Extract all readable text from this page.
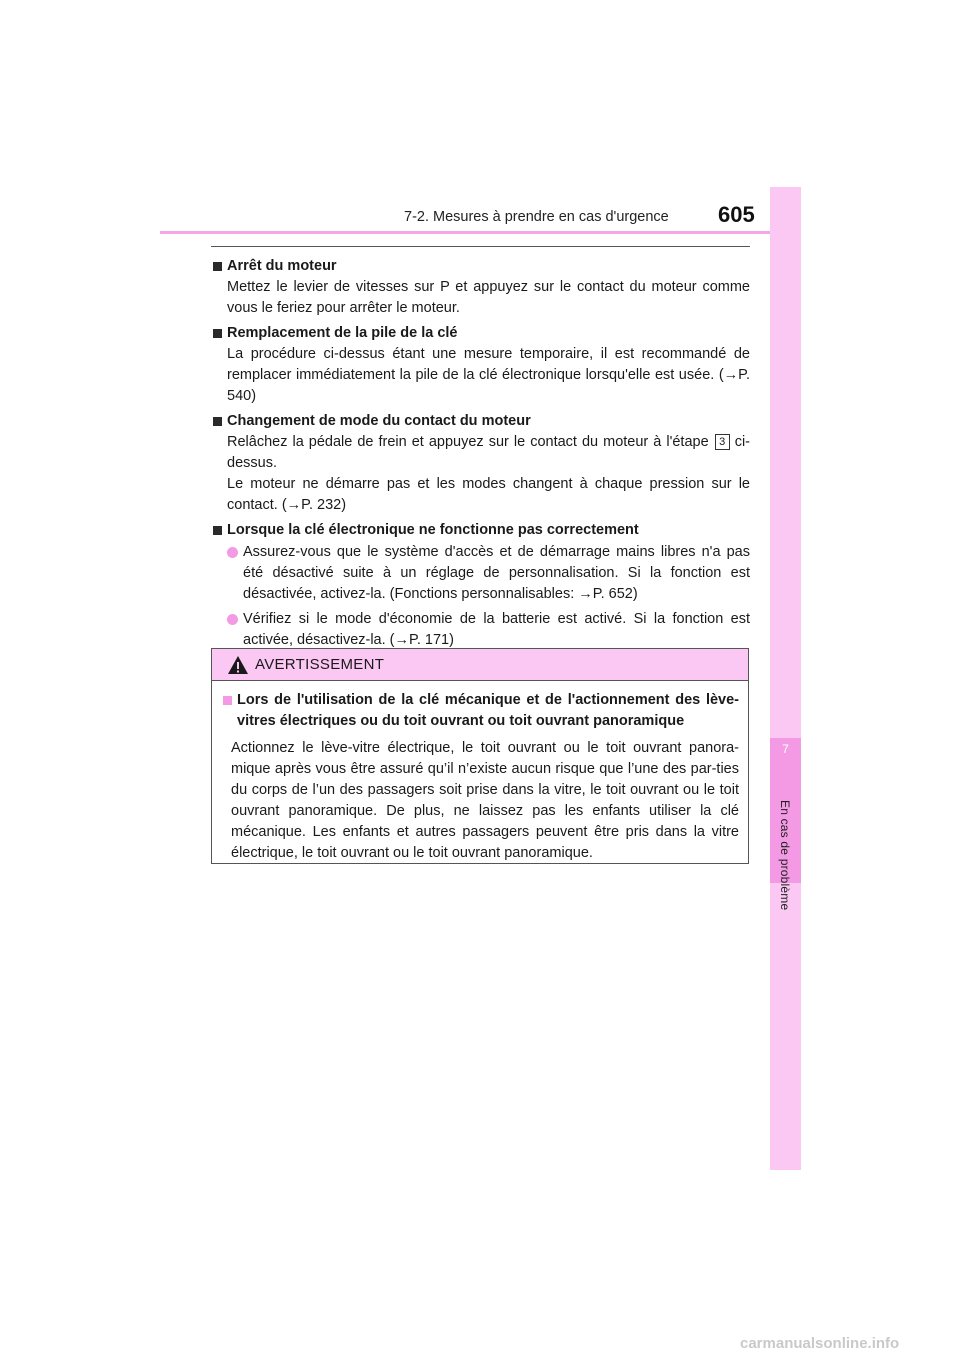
7-2. Mesures à prendre en cas d'urgence 605
7
En cas de problème
Arrêt du moteur
Mettez le levier de vitesses sur P et appuyez sur le contact du moteur comme vous le feriez pour arrêter le moteur.
Remplacement de la pile de la clé
La procédure ci-dessus étant une mesure temporaire, il est recommandé de remplacer immédiatement la pile de la clé électronique lorsqu'elle est usée. (→P. 540)
Changement de mode du contact du moteur
Relâchez la pédale de frein et appuyez sur le contact du moteur à l'étape 3 ci-dessus.
Le moteur ne démarre pas et les modes changent à chaque pression sur le contact. (→P. 232)
Lorsque la clé électronique ne fonctionne pas correctement
Assurez-vous que le système d'accès et de démarrage mains libres n'a pas été désactivé suite à un réglage de personnalisation. Si la fonction est désactivée, activez-la. (Fonctions personnalisables: →P. 652)
Vérifiez si le mode d'économie de la batterie est activé. Si la fonction est activée, désactivez-la. (→P. 171)
AVERTISSEMENT
Lors de l'utilisation de la clé mécanique et de l'actionnement des lève-vitres électriques ou du toit ouvrant ou toit ouvrant panoramique
Actionnez le lève-vitre électrique, le toit ouvrant ou le toit ouvrant panora-mique après vous être assuré qu’il n’existe aucun risque que l’une des par-ties du corps de l’un des passagers soit prise dans la vitre, le toit ouvrant ou le toit ouvrant panoramique. De plus, ne laissez pas les enfants utiliser la clé mécanique. Les enfants et autres passagers peuvent être pris dans la vitre électrique, le toit ouvrant ou le toit ouvrant panoramique.
carmanualsonline.info
